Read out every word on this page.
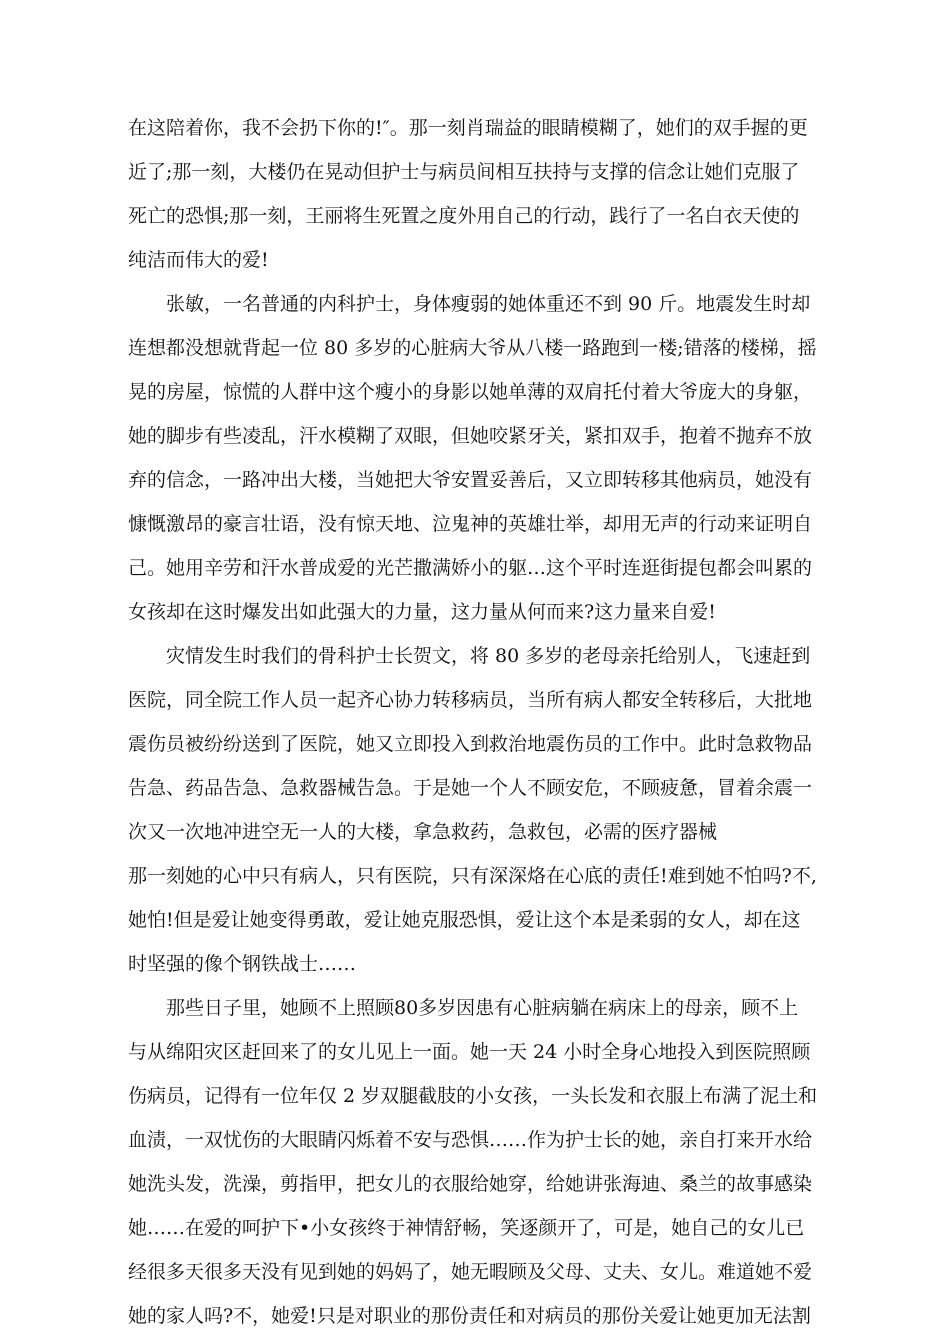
在这陪着你，我不会扔下你的!″。那一刻肖瑞益的眼睛模糊了，她们的双手握的更
近了;那一刻，大楼仍在晃动但护士与病员间相互扶持与支撑的信念让她们克服了
死亡的恐惧;那一刻，王丽将生死置之度外用自己的行动，践行了一名白衣天使的
纯洁而伟大的爱!
张敏，一名普通的内科护士，身体瘦弱的她体重还不到 90 斤。地震发生时却
连想都没想就背起一位 80 多岁的心脏病大爷从八楼一路跑到一楼;错落的楼梯，摇
晃的房屋，惊慌的人群中这个瘦小的身影以她单薄的双肩托付着大爷庞大的身躯，
她的脚步有些凌乱，汗水模糊了双眼，但她咬紧牙关，紧扣双手，抱着不抛弃不放
弃的信念，一路冲出大楼，当她把大爷安置妥善后，又立即转移其他病员，她没有
慷慨激昂的豪言壮语，没有惊天地、泣鬼神的英雄壮举，却用无声的行动来证明自
己。她用辛劳和汗水普成爱的光芒撒满娇小的躯…这个平时连逛街提包都会叫累的
女孩却在这时爆发出如此强大的力量，这力量从何而来?这力量来自爱!
灾情发生时我们的骨科护士长贺文，将 80 多岁的老母亲托给别人，飞速赶到
医院，同全院工作人员一起齐心协力转移病员，当所有病人都安全转移后，大批地
震伤员被纷纷送到了医院，她又立即投入到救治地震伤员的工作中。此时急救物品
告急、药品告急、急救器械告急。于是她一个人不顾安危，不顾疲惫，冒着余震一
次又一次地冲进空无一人的大楼，拿急救药，急救包，必需的医疗器械
那一刻她的心中只有病人，只有医院，只有深深烙在心底的责任!难到她不怕吗?不,
她怕!但是爱让她变得勇敢，爱让她克服恐惧，爱让这个本是柔弱的女人，却在这
时坚强的像个钢铁战士……
那些日子里，她顾不上照顾80多岁因患有心脏病躺在病床上的母亲，顾不上
与从绵阳灾区赶回来了的女儿见上一面。她一天 24 小时全身心地投入到医院照顾
伤病员，记得有一位年仅 2 岁双腿截肢的小女孩，一头长发和衣服上布满了泥土和
血渍，一双忧伤的大眼睛闪烁着不安与恐惧……作为护士长的她，亲自打来开水给
她洗头发，洗澡，剪指甲，把女儿的衣服给她穿，给她讲张海迪、桑兰的故事感染
她……在爱的呵护下•小女孩终于神情舒畅，笑逐颜开了，可是，她自己的女儿已
经很多天很多天没有见到她的妈妈了，她无暇顾及父母、丈夫、女儿。难道她不爱
她的家人吗?不，她爱!只是对职业的那份责任和对病员的那份关爱让她更加无法割
